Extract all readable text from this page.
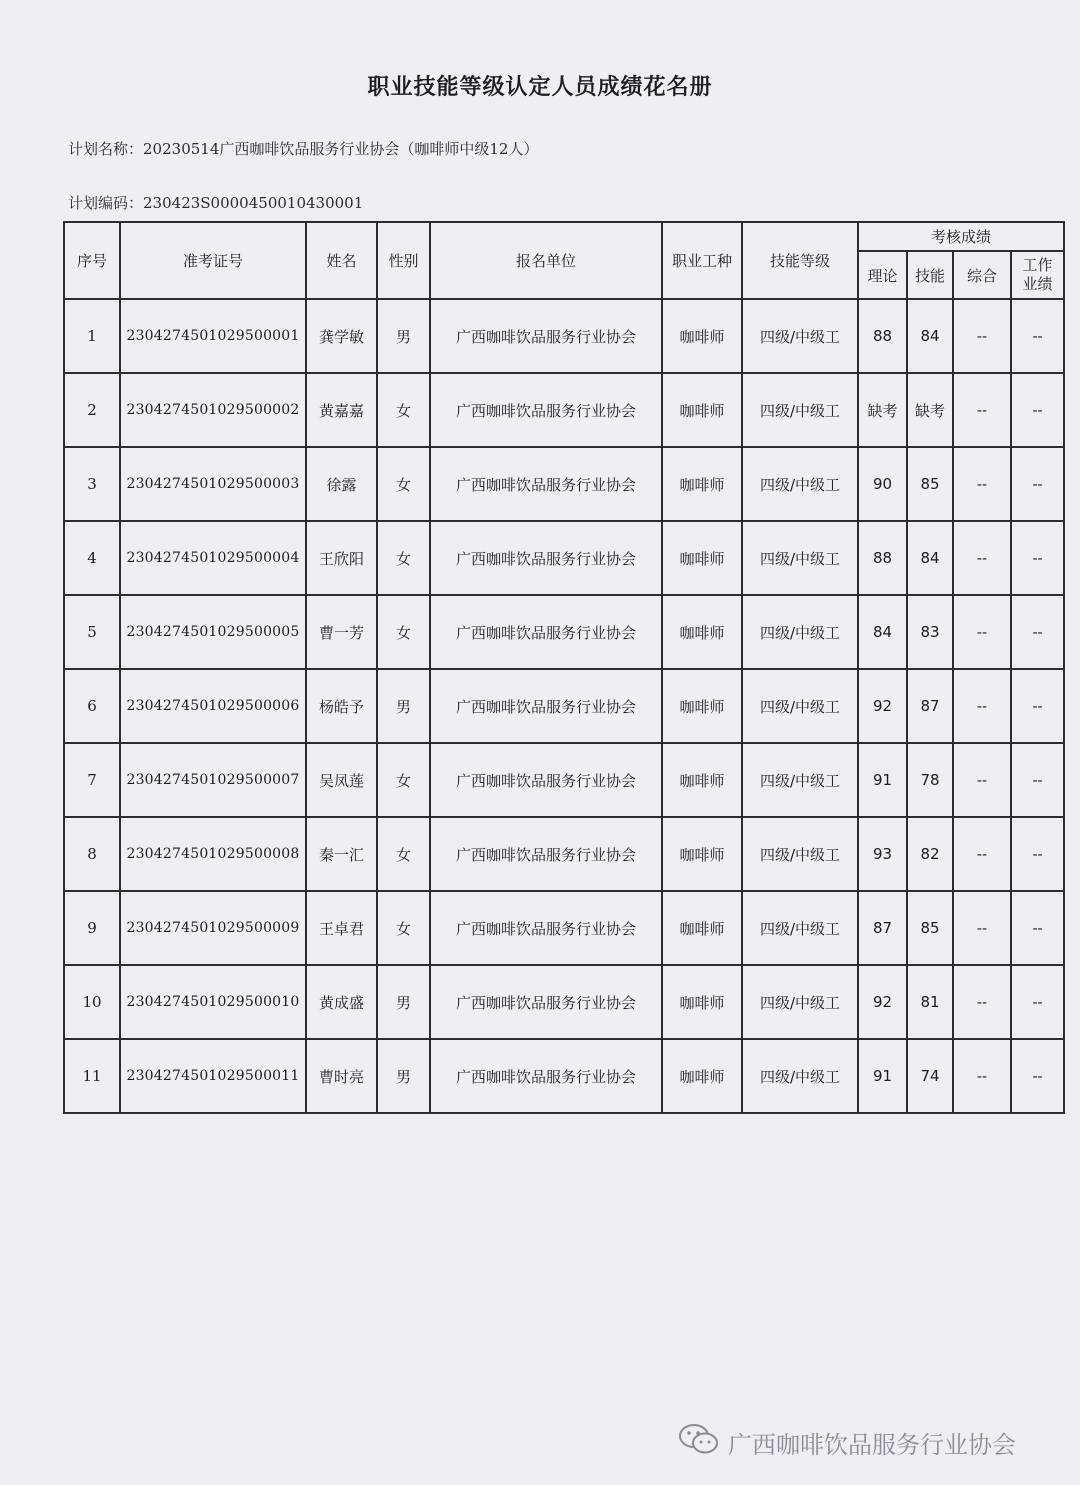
职业技能等级认定人员成绩花名册
计划名称：20230514广西咖啡饮品服务行业协会（咖啡师中级12人）
计划编码：230423S0000450010430001
序号	准考证号	姓名	性别	报名单位	职业工种	技能等级	考核成绩			
							理论	技能	综合	工作业绩
1	2304274501029500001	龚学敏	男	广西咖啡饮品服务行业协会	咖啡师	四级/中级工	88	84	--	--
2	2304274501029500002	黄嘉嘉	女	广西咖啡饮品服务行业协会	咖啡师	四级/中级工	缺考	缺考	--	--
3	2304274501029500003	徐露	女	广西咖啡饮品服务行业协会	咖啡师	四级/中级工	90	85	--	--
4	2304274501029500004	王欣阳	女	广西咖啡饮品服务行业协会	咖啡师	四级/中级工	88	84	--	--
5	2304274501029500005	曹一芳	女	广西咖啡饮品服务行业协会	咖啡师	四级/中级工	84	83	--	--
6	2304274501029500006	杨皓予	男	广西咖啡饮品服务行业协会	咖啡师	四级/中级工	92	87	--	--
7	2304274501029500007	吴凤莲	女	广西咖啡饮品服务行业协会	咖啡师	四级/中级工	91	78	--	--
8	2304274501029500008	秦一汇	女	广西咖啡饮品服务行业协会	咖啡师	四级/中级工	93	82	--	--
9	2304274501029500009	王卓君	女	广西咖啡饮品服务行业协会	咖啡师	四级/中级工	87	85	--	--
10	2304274501029500010	黄成盛	男	广西咖啡饮品服务行业协会	咖啡师	四级/中级工	92	81	--	--
11	2304274501029500011	曹时亮	男	广西咖啡饮品服务行业协会	咖啡师	四级/中级工	91	74	--	--
广西咖啡饮品服务行业协会
